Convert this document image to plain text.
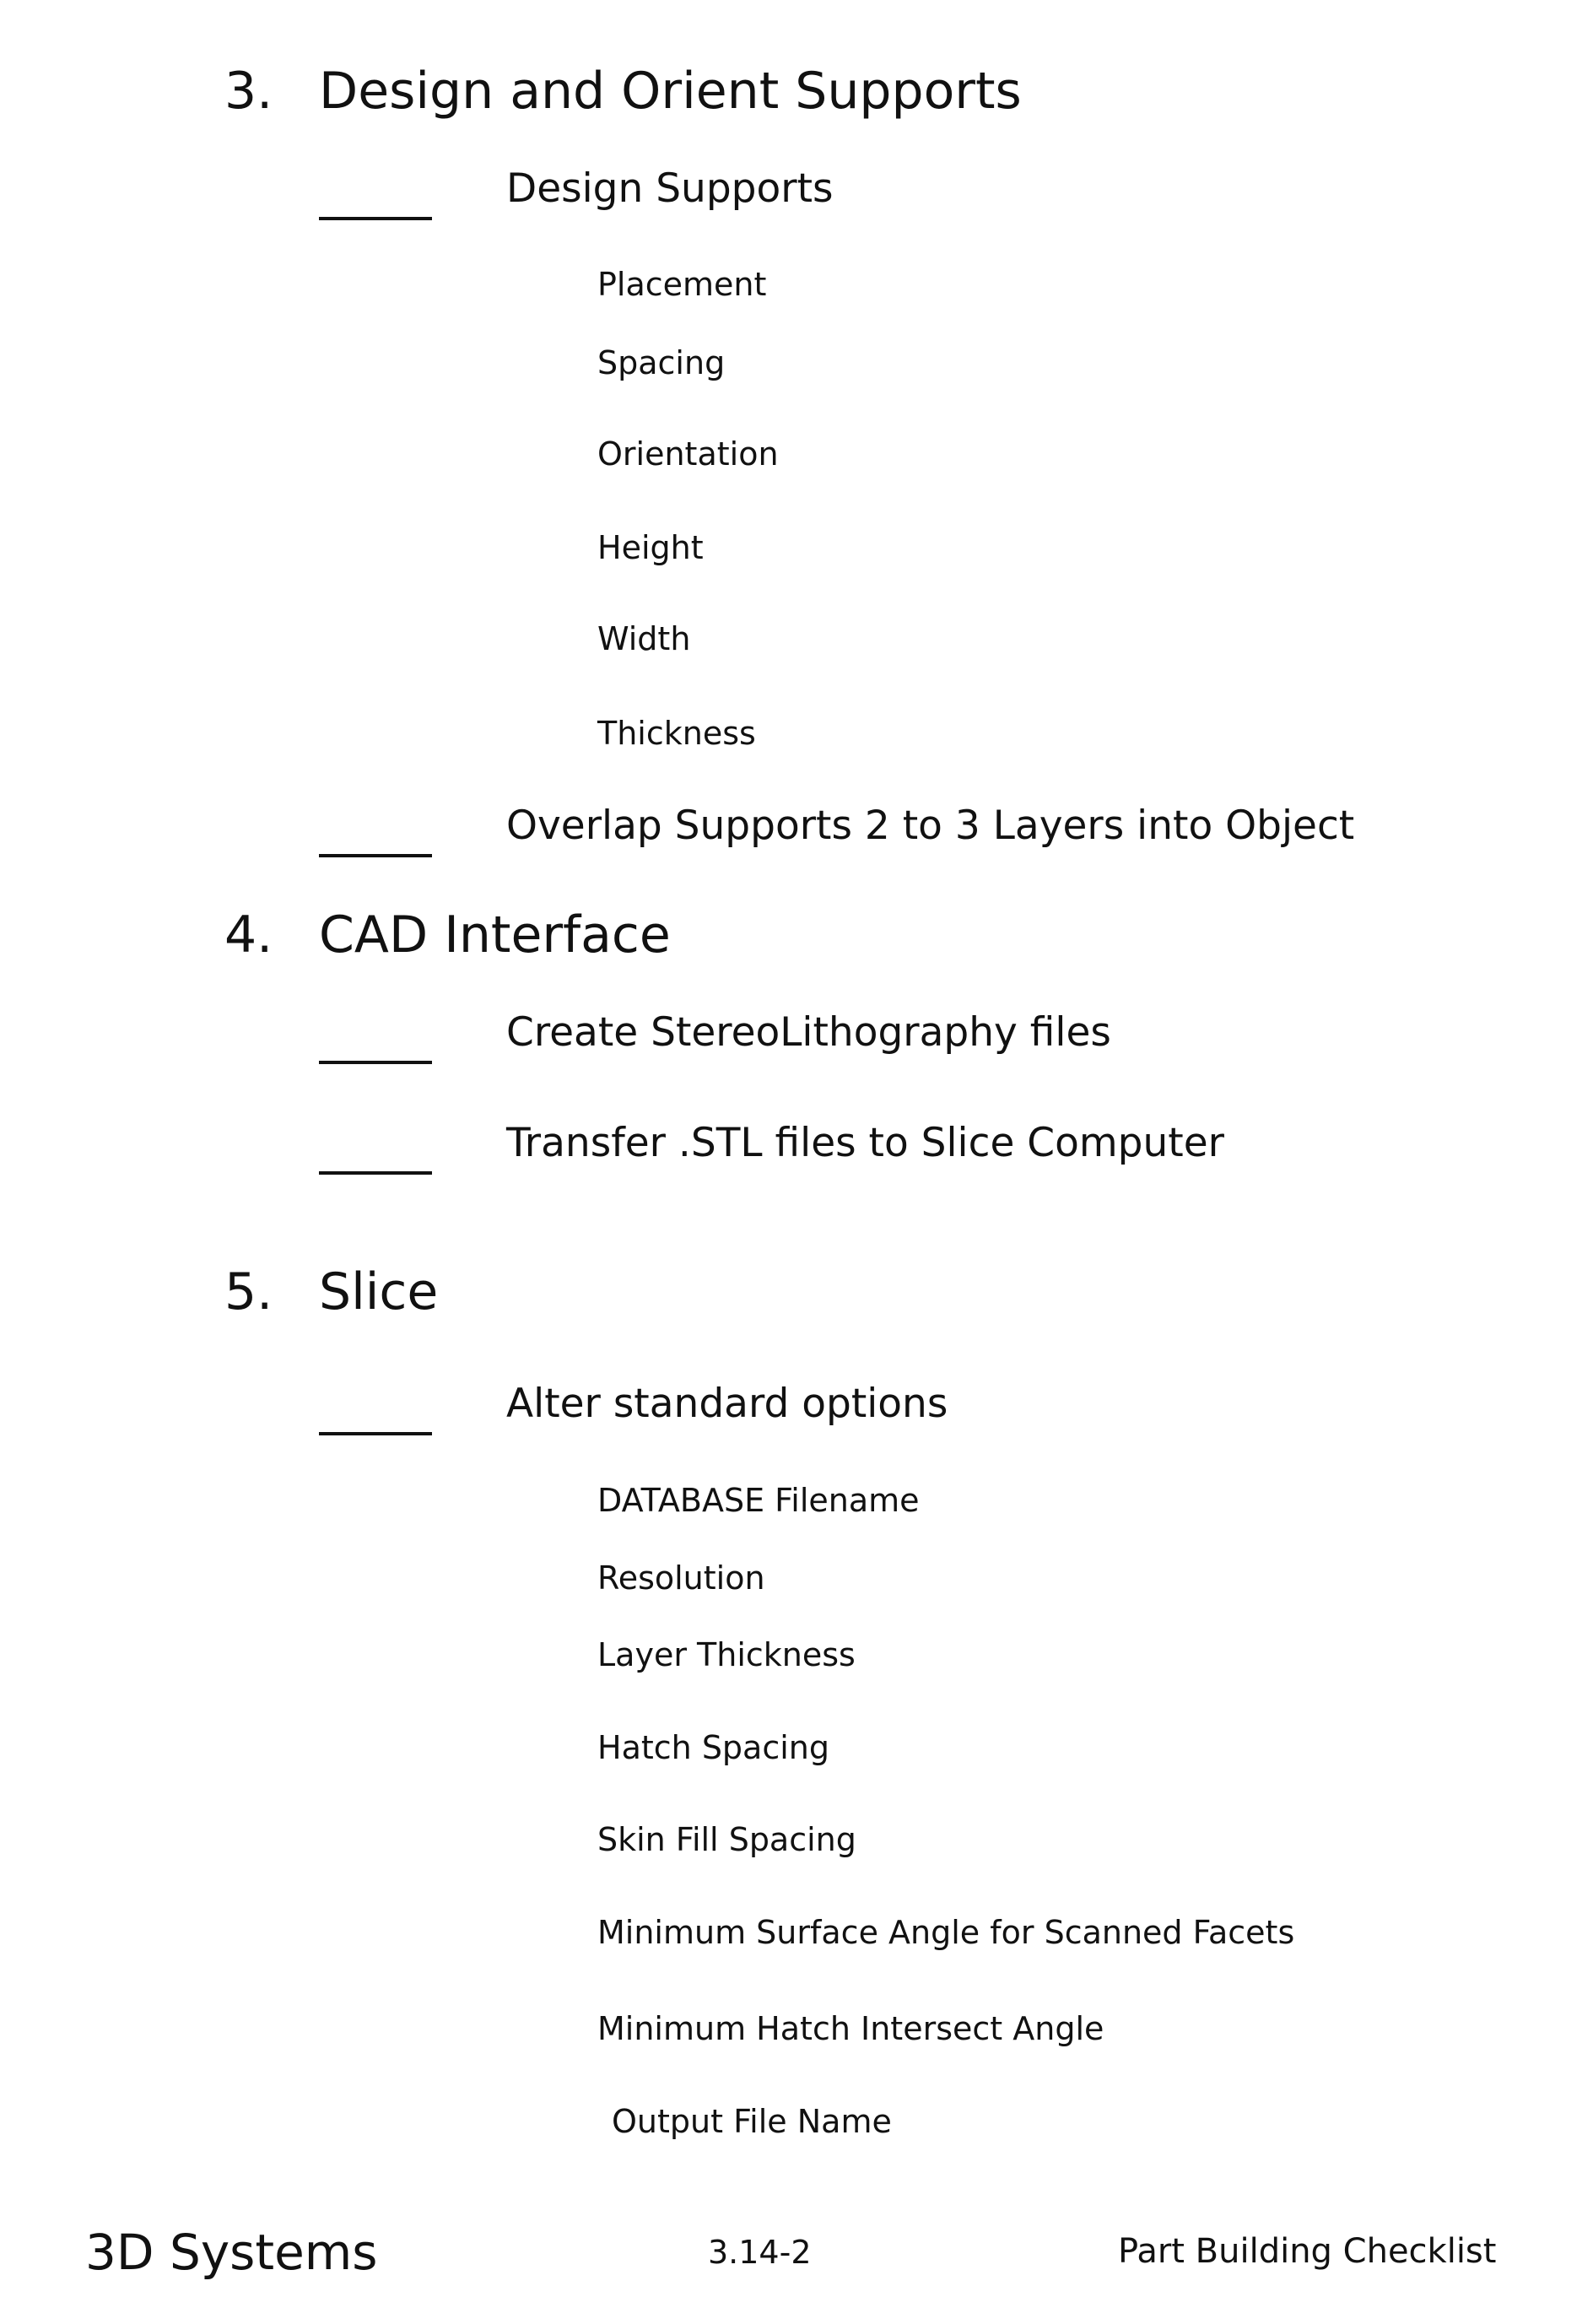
3. Design and Orient Supports
Design Supports
Placement
Spacing
Orientation
Height
Width
Thickness
Overlap Supports 2 to 3 Layers into Object
4. CAD Interface
Create StereoLithography files
Transfer .STL files to Slice Computer
5. Slice
Alter standard options
DATABASE Filename
Resolution
Layer Thickness
Hatch Spacing
Skin Fill Spacing
Minimum Surface Angle for Scanned Facets
Minimum Hatch Intersect Angle
Output File Name
3D Systems	3.14-2	Part Building Checklist
